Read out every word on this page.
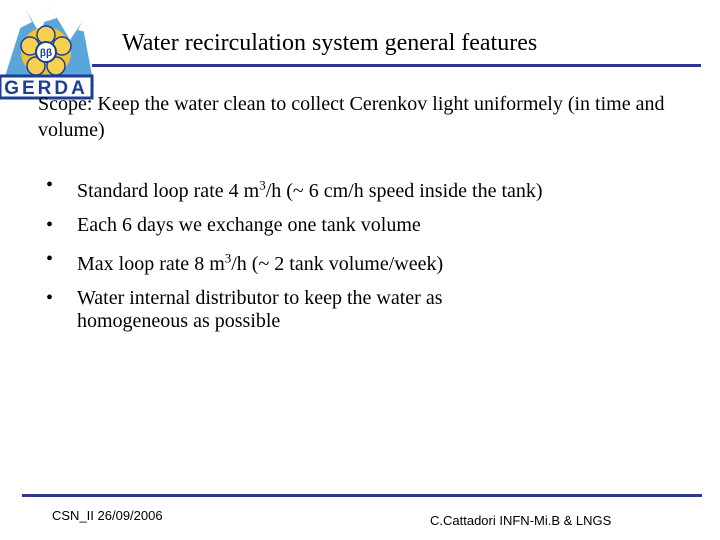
ββ
GERDA
Water recirculation system general features
Scope: Keep the water clean to collect Cerenkov light uniformely (in time and volume)
• Standard loop rate 4 $m^3/h$ (~ 6 cm/h speed inside the tank)
• Each 6 days we exchange one tank volume
• Max loop rate 8 $m^3/h$ (~ 2 tank volume/week)
• Water internal distributor to keep the water as
homogeneous as possible
CSN_II 26/09/2006	C.Cattadori INFN-Mi.B & LNGS
